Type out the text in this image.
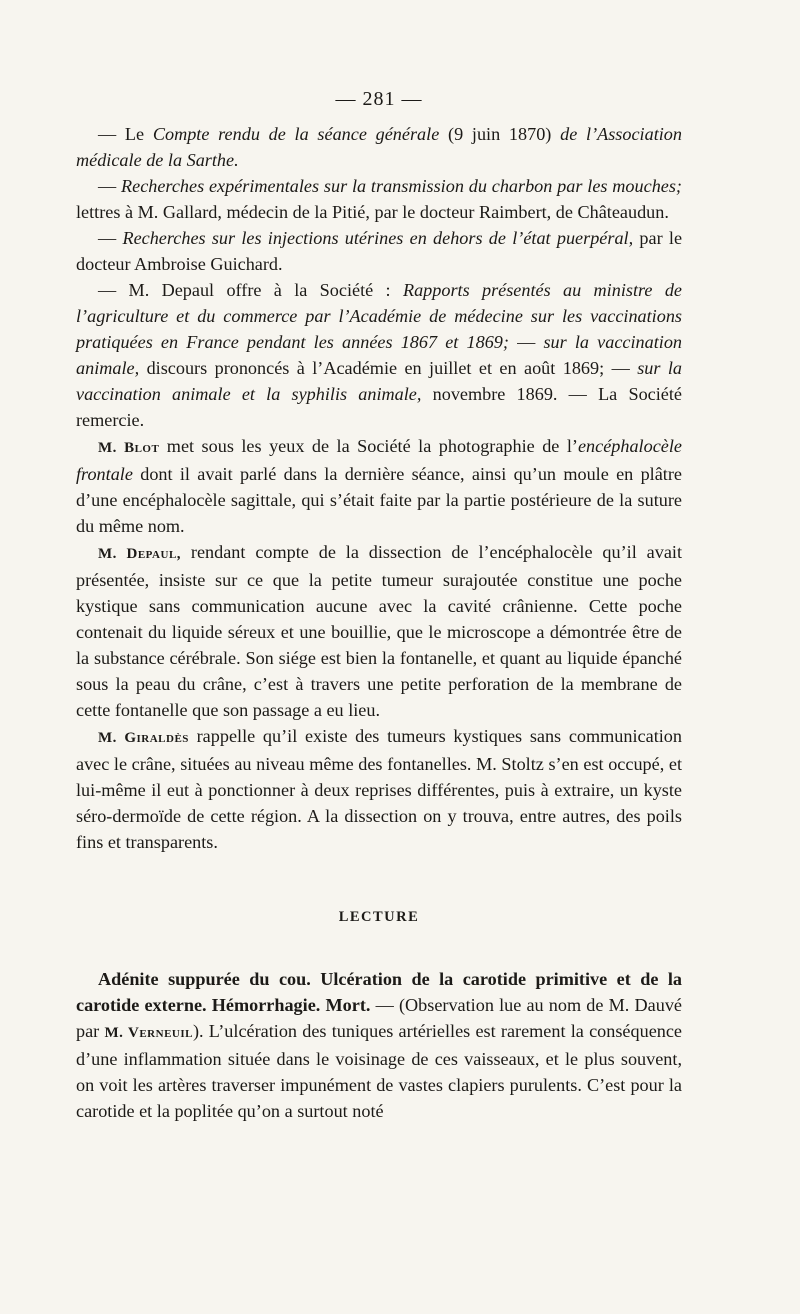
— 281 —

— Le Compte rendu de la séance générale (9 juin 1870) de l’Association médicale de la Sarthe.

— Recherches expérimentales sur la transmission du charbon par les mouches; lettres à M. Gallard, médecin de la Pitié, par le docteur Raimbert, de Châteaudun.

— Recherches sur les injections utérines en dehors de l’état puerpéral, par le docteur Ambroise Guichard.

— M. Depaul offre à la Société : Rapports présentés au ministre de l’agriculture et du commerce par l’Académie de médecine sur les vaccinations pratiquées en France pendant les années 1867 et 1869; — sur la vaccination animale, discours prononcés à l’Académie en juillet et en août 1869; — sur la vaccination animale et la syphilis animale, novembre 1869. — La Société remercie.

M. Blot met sous les yeux de la Société la photographie de l’encéphalocèle frontale dont il avait parlé dans la dernière séance, ainsi qu’un moule en plâtre d’une encéphalocèle sagittale, qui s’était faite par la partie postérieure de la suture du même nom.

M. Depaul, rendant compte de la dissection de l’encéphalocèle qu’il avait présentée, insiste sur ce que la petite tumeur surajoutée constitue une poche kystique sans communication aucune avec la cavité crânienne. Cette poche contenait du liquide séreux et une bouillie, que le microscope a démontrée être de la substance cérébrale. Son siége est bien la fontanelle, et quant au liquide épanché sous la peau du crâne, c’est à travers une petite perforation de la membrane de cette fontanelle que son passage a eu lieu.

M. Giraldès rappelle qu’il existe des tumeurs kystiques sans communication avec le crâne, situées au niveau même des fontanelles. M. Stoltz s’en est occupé, et lui-même il eut à ponctionner à deux reprises différentes, puis à extraire, un kyste séro-dermoïde de cette région. A la dissection on y trouva, entre autres, des poils fins et transparents.

LECTURE

Adénite suppurée du cou. Ulcération de la carotide primitive et de la carotide externe. Hémorrhagie. Mort. — (Observation lue au nom de M. Dauvé par M. Verneuil). L’ulcération des tuniques artérielles est rarement la conséquence d’une inflammation située dans le voisinage de ces vaisseaux, et le plus souvent, on voit les artères traverser impunément de vastes clapiers purulents. C’est pour la carotide et la poplitée qu’on a surtout noté
